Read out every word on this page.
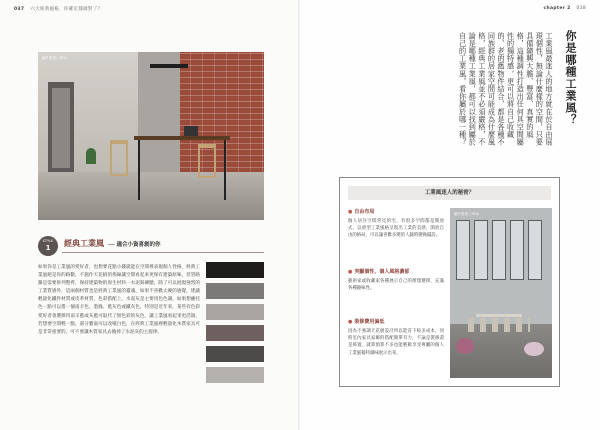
037 六大經典風格，你確定都做對了？
圖片提供｜ROA
STYLE
1	經典工業風 ── 適合小資喜創的你

如果你是工業風的愛好者，也想要花點小錢就能在空間裡表現個人性格，經典工業風絕是你的路數，不施作天花板的佈線讓空間看起來更保有建築原味，但管路羅是需要併列整齊，保持建築物的原生材料一水泥與磚牆，除了可以展現強烈的工業質感外，這兩個材質也是經典工業風的靈魂，如果不喜歡太硬的感覺，建議輕量化鐵件材質或皮革材質，色彩搭配上，水泥灰是主要用色色調，如果想襯托色一點可以搭一個南羊色、墨綠、藍灰色或鐵灰色，特別是近年來，某些有色彩愛好者會選擇用南羊藍或灰藍可取代了無色彩的灰色，讓工業風看起來更活潑，若想要空間輕一點，部分牆面可以改噴白色，在經典工業風裡輕量化木質家具可是非常重要的，可不要讓木質家具去掩掉了水泥灰的主旋律。

chapter 2 038
你是哪種工業風？
工業風最迷人的地方就在於自由展現個性，無論什麼樣的空間，只要具備隨興大膽、豐富、真實的風格，這種調性打造出任何具空間屬性的獨特感，更可以將自己收藏的、老的舊物件結合，都是各種不同族群的居家空間可能成為什麼風格，經典工業風並不必須嚴格，不論是哪種工業風，都可以找到屬於自己的工業風，看你屬於哪一種？
工業風迷人的秘密？
● 自由布局

個人居住空間常見的宅，有很多空間都是開放式，以重型工業風格呈現出工業的美感，開放自由的格局，可以讓喜歡多變的人隨時變換擺設。

● 突顯個性、個人風格濃郁

藝術家或收藏家各種展示自己的理想選擇，充滿各種趣味性。

● 裝修費用偏低

因為不強調天花板設計所以能省下較多成本，同時室內家具家飾的搭配簡單有力，不論是裝修還是佈置，就算預算不多也能輕鬆享受專屬的個人工業風獨特韻味展示出來。

圖片提供｜ROA
